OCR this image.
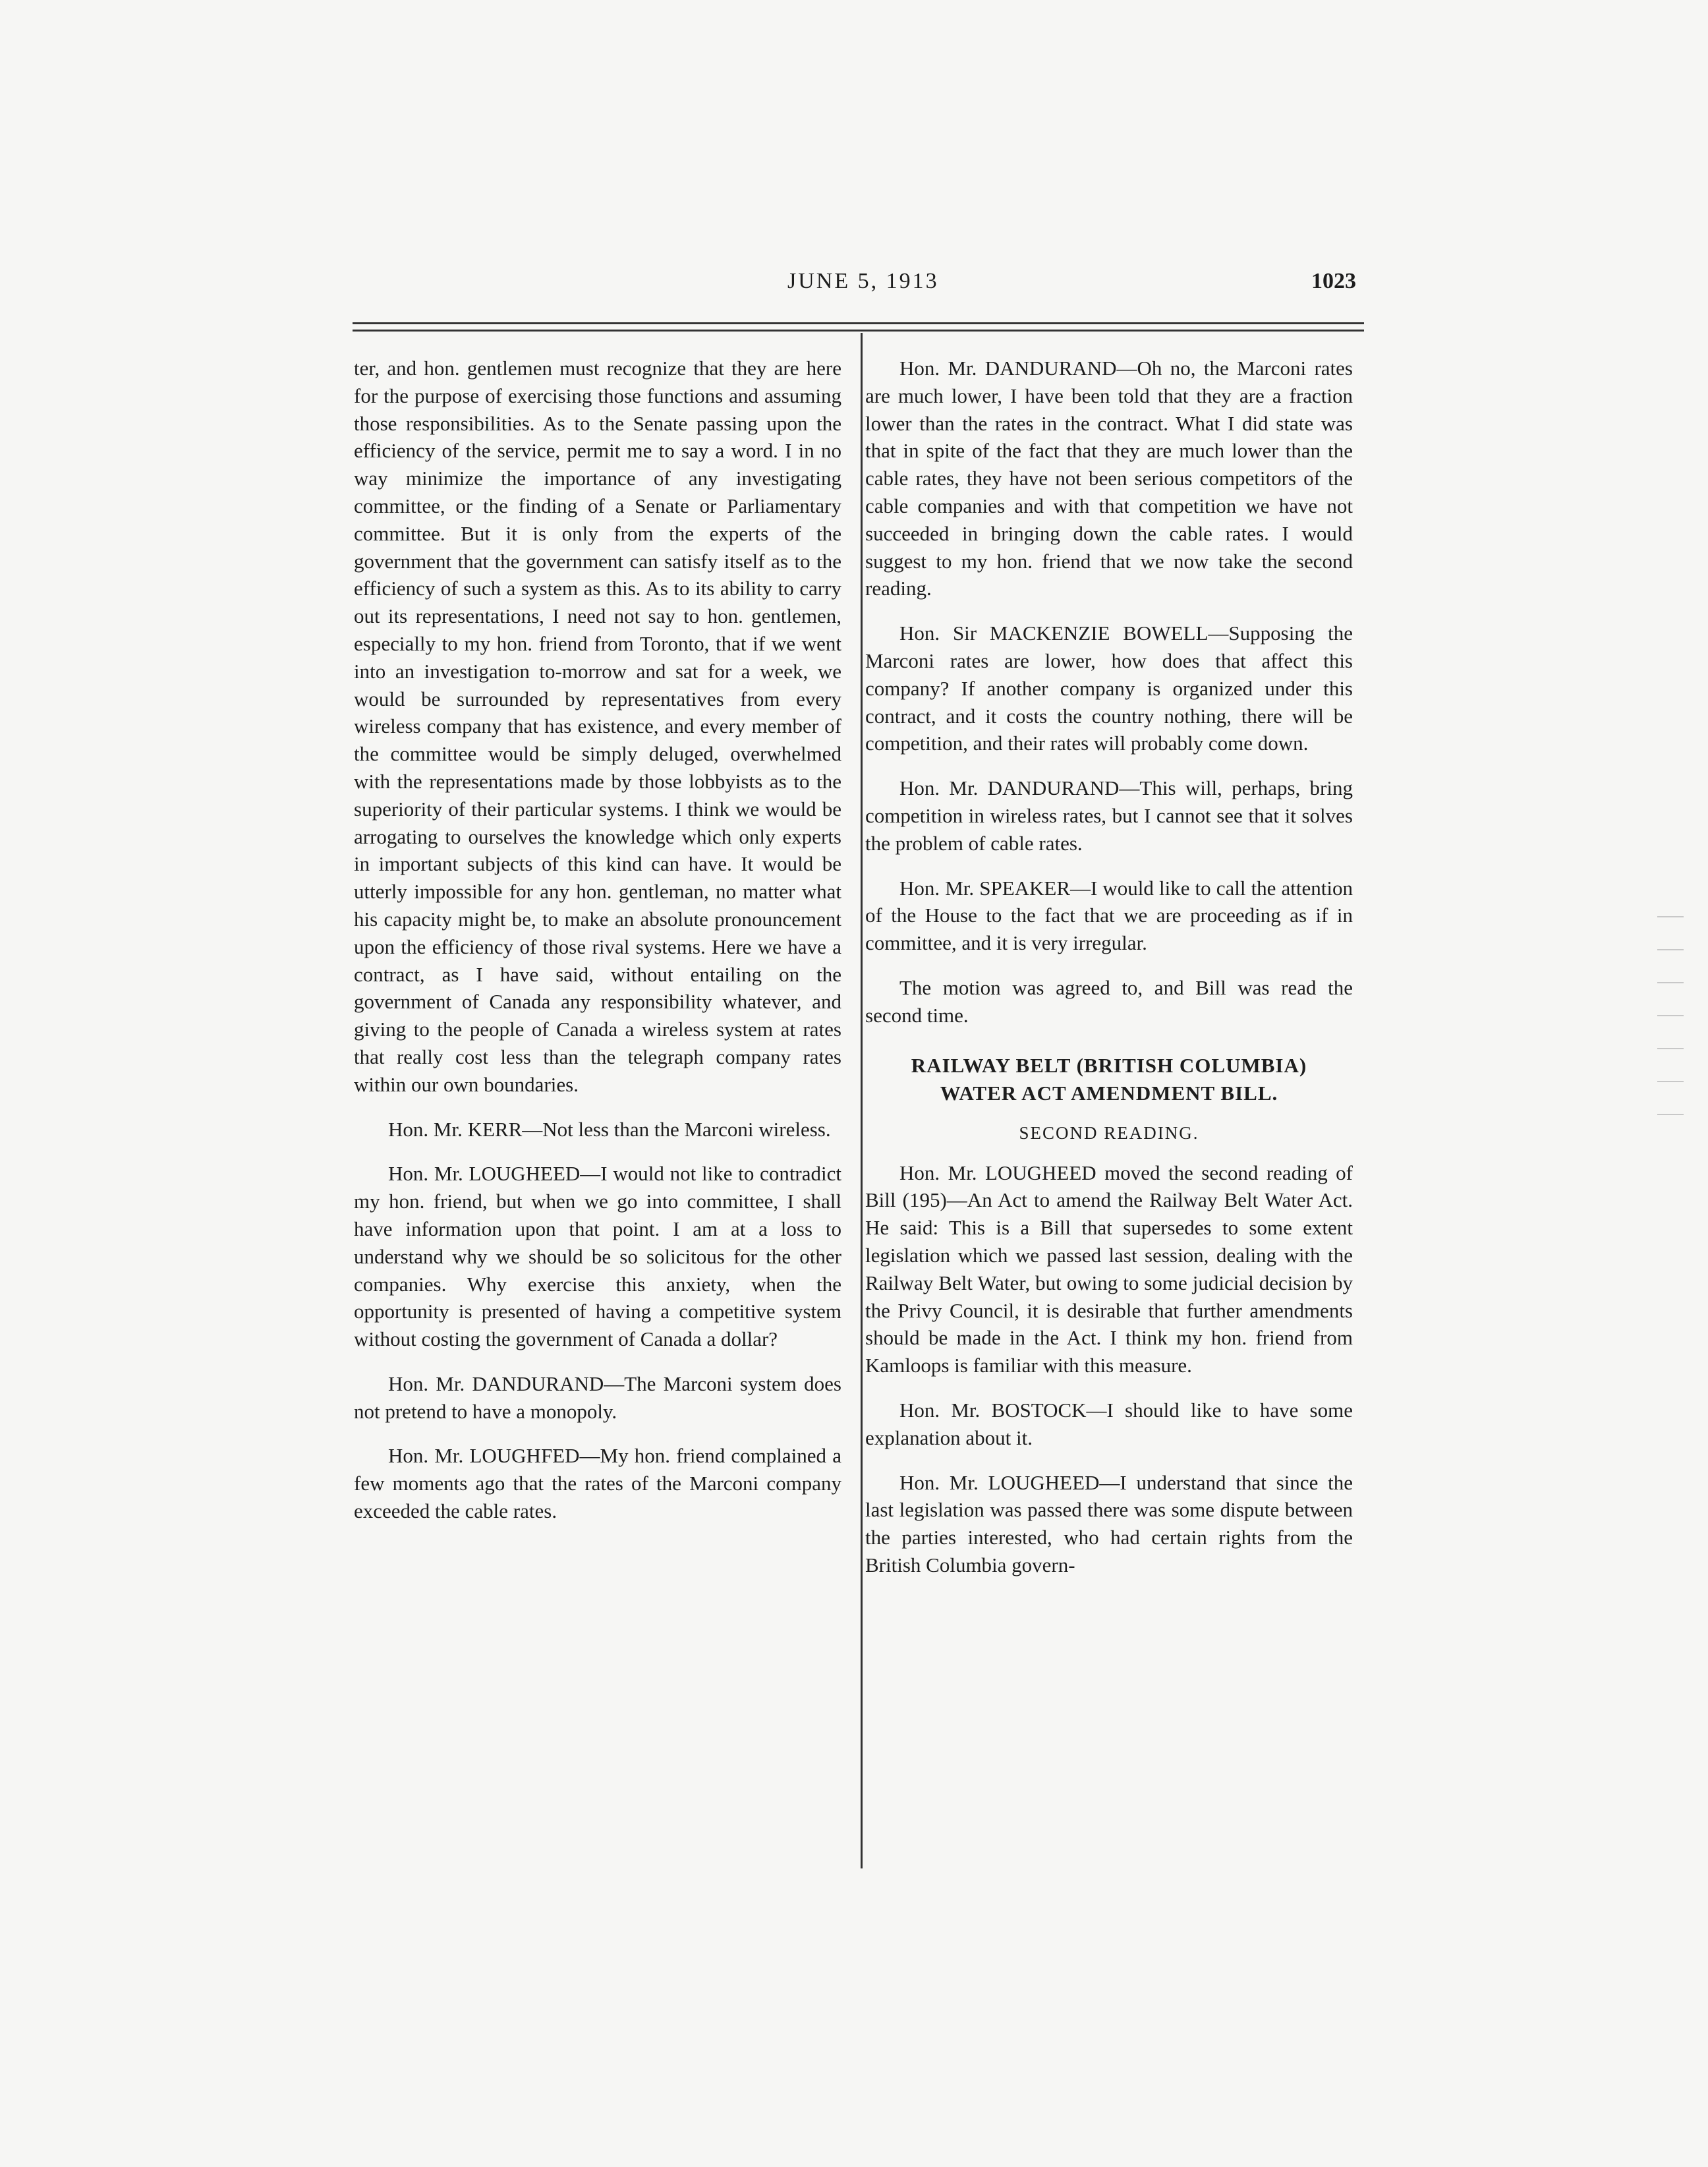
JUNE 5, 1913	1023

ter, and hon. gentlemen must recognize that they are here for the purpose of exercising those functions and assuming those responsibilities. As to the Senate passing upon the efficiency of the service, permit me to say a word. I in no way minimize the importance of any investigating committee, or the finding of a Senate or Parliamentary committee. But it is only from the experts of the government that the government can satisfy itself as to the efficiency of such a system as this. As to its ability to carry out its representations, I need not say to hon. gentlemen, especially to my hon. friend from Toronto, that if we went into an investigation to-morrow and sat for a week, we would be surrounded by representatives from every wireless company that has existence, and every member of the committee would be simply deluged, overwhelmed with the representations made by those lobbyists as to the superiority of their particular systems. I think we would be arrogating to ourselves the knowledge which only experts in important subjects of this kind can have. It would be utterly impossible for any hon. gentleman, no matter what his capacity might be, to make an absolute pronouncement upon the efficiency of those rival systems. Here we have a contract, as I have said, without entailing on the government of Canada any responsibility whatever, and giving to the people of Canada a wireless system at rates that really cost less than the telegraph company rates within our own boundaries.

Hon. Mr. KERR—Not less than the Marconi wireless.

Hon. Mr. LOUGHEED—I would not like to contradict my hon. friend, but when we go into committee, I shall have information upon that point. I am at a loss to understand why we should be so solicitous for the other companies. Why exercise this anxiety, when the opportunity is presented of having a competitive system without costing the government of Canada a dollar?

Hon. Mr. DANDURAND—The Marconi system does not pretend to have a monopoly.

Hon. Mr. LOUGHFED—My hon. friend complained a few moments ago that the rates of the Marconi company exceeded the cable rates.

Hon. Mr. DANDURAND—Oh no, the Marconi rates are much lower, I have been told that they are a fraction lower than the rates in the contract. What I did state was that in spite of the fact that they are much lower than the cable rates, they have not been serious competitors of the cable companies and with that competition we have not succeeded in bringing down the cable rates. I would suggest to my hon. friend that we now take the second reading.

Hon. Sir MACKENZIE BOWELL—Supposing the Marconi rates are lower, how does that affect this company? If another company is organized under this contract, and it costs the country nothing, there will be competition, and their rates will probably come down.

Hon. Mr. DANDURAND—This will, perhaps, bring competition in wireless rates, but I cannot see that it solves the problem of cable rates.

Hon. Mr. SPEAKER—I would like to call the attention of the House to the fact that we are proceeding as if in committee, and it is very irregular.

The motion was agreed to, and Bill was read the second time.

RAILWAY BELT (BRITISH COLUMBIA)
WATER ACT AMENDMENT BILL.
SECOND READING.

Hon. Mr. LOUGHEED moved the second reading of Bill (195)—An Act to amend the Railway Belt Water Act. He said: This is a Bill that supersedes to some extent legislation which we passed last session, dealing with the Railway Belt Water, but owing to some judicial decision by the Privy Council, it is desirable that further amendments should be made in the Act. I think my hon. friend from Kamloops is familiar with this measure.

Hon. Mr. BOSTOCK—I should like to have some explanation about it.

Hon. Mr. LOUGHEED—I understand that since the last legislation was passed there was some dispute between the parties interested, who had certain rights from the British Columbia govern-
